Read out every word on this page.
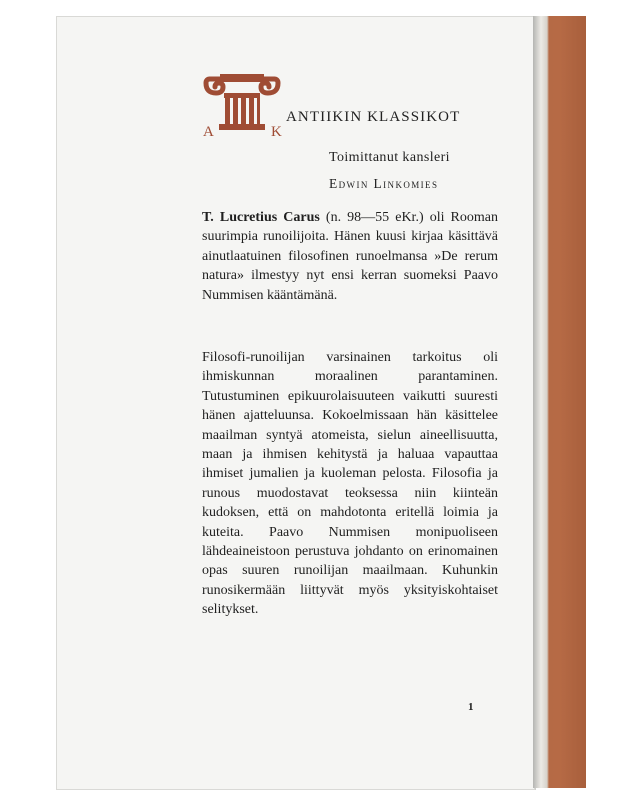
A	K
ANTIIKIN KLASSIKOT
Toimittanut kansleri
Edwin Linkomies
T. Lucretius Carus (n. 98—55 eKr.) oli Rooman suurimpia runoilijoita. Hänen kuusi kirjaa käsittävä ainutlaatuinen filosofinen runoelmansa »De rerum natura» ilmestyy nyt ensi kerran suomeksi Paavo Nummisen kääntämänä.
Filosofi-runoilijan varsinainen tarkoitus oli ihmiskunnan moraalinen parantaminen. Tutustuminen epikuurolaisuuteen vaikutti suuresti hänen ajatteluunsa. Kokoelmissaan hän käsittelee maailman syntyä atomeista, sielun aineellisuutta, maan ja ihmisen kehitystä ja haluaa vapauttaa ihmiset jumalien ja kuoleman pelosta. Filosofia ja runous muodostavat teoksessa niin kiinteän kudoksen, että on mahdotonta eritellä loimia ja kuteita. Paavo Nummisen monipuoliseen lähdeaineistoon perustuva johdanto on erinomainen opas suuren runoilijan maailmaan. Kuhunkin runosikermään liittyvät myös yksityiskohtaiset selitykset.
1
